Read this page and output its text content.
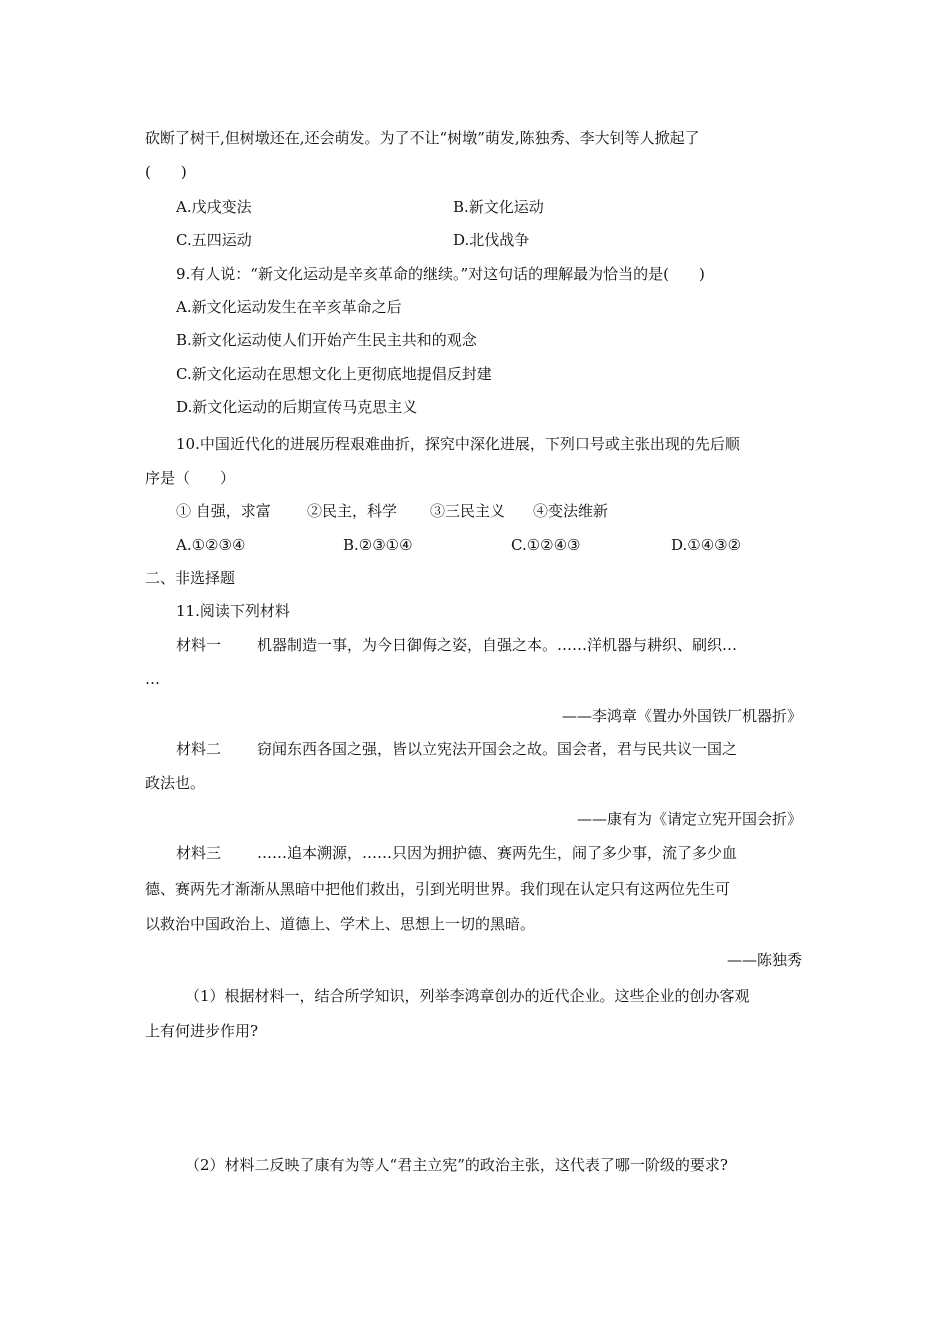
砍断了树干,但树墩还在,还会萌发。为了不让“树墩”萌发,陈独秀、李大钊等人掀起了
(　　)
A.戊戌变法	B.新文化运动
C.五四运动	D.北伐战争
9.有人说：“新文化运动是辛亥革命的继续。”对这句话的理解最为恰当的是(　　)
A.新文化运动发生在辛亥革命之后
B.新文化运动使人们开始产生民主共和的观念
C.新文化运动在思想文化上更彻底地提倡反封建
D.新文化运动的后期宣传马克思主义
10.中国近代化的进展历程艰难曲折，探究中深化进展，下列口号或主张出现的先后顺
序是（　　）
① 自强，求富 ②民主，科学 ③三民主义 ④变法维新
A.①②③④	B.②③①④	C.①②④③	D.①④③②
二、非选择题
11.阅读下列材料
材料一 机器制造一事，为今日御侮之姿，自强之本。……洋机器与耕织、刷织…
…
——李鸿章《置办外国铁厂机器折》
材料二 窃闻东西各国之强，皆以立宪法开国会之故。国会者，君与民共议一国之
政法也。
——康有为《请定立宪开国会折》
材料三 ……追本溯源，……只因为拥护德、赛两先生，闹了多少事，流了多少血
德、赛两先才渐渐从黑暗中把他们救出，引到光明世界。我们现在认定只有这两位先生可
以救治中国政治上、道德上、学术上、思想上一切的黑暗。
——陈独秀
（1）根据材料一，结合所学知识，列举李鸿章创办的近代企业。这些企业的创办客观
上有何进步作用?
（2）材料二反映了康有为等人“君主立宪”的政治主张，这代表了哪一阶级的要求?
